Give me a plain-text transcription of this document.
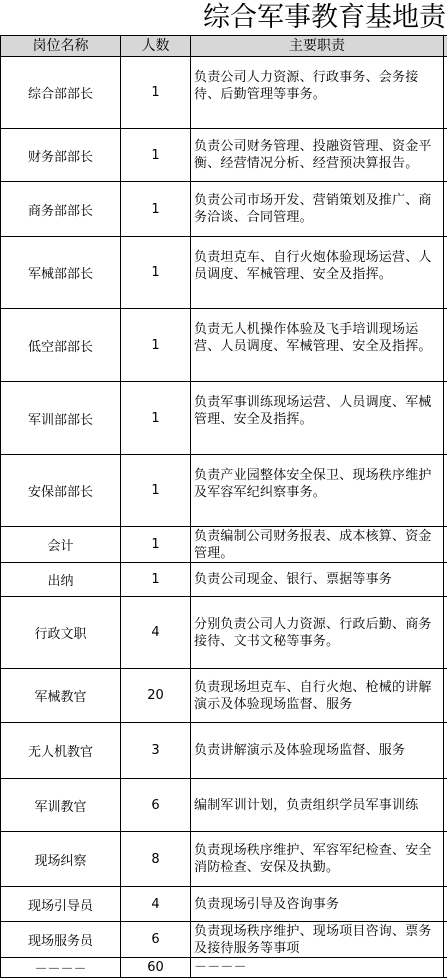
综合军事教育基地责
岗位名称	人数	主要职责	
综合部部长	1	负责公司人力资源、行政事务、会务接待、后勤管理等事务。	
财务部部长	1	负责公司财务管理、投融资管理、资金平衡、经营情况分析、经营预决算报告。	
商务部部长	1	负责公司市场开发、营销策划及推广、商务洽谈、合同管理。	
军械部部长	1	负责坦克车、自行火炮体验现场运营、人员调度、军械管理、安全及指挥。	
低空部部长	1	负责无人机操作体验及飞手培训现场运营、人员调度、军械管理、安全及指挥。	
军训部部长	1	负责军事训练现场运营、人员调度、军械管理、安全及指挥。	
安保部部长	1	负责产业园整体安全保卫、现场秩序维护及军容军纪纠察事务。	
会计	1	负责编制公司财务报表、成本核算、资金管理。	
出纳	1	负责公司现金、银行、票据等事务	
行政文职	4	分别负责公司人力资源、行政后勤、商务接待、文书文秘等事务。	
军械教官	20	负责现场坦克车、自行火炮、枪械的讲解演示及体验现场监督、服务	
无人机教官	3	负责讲解演示及体验现场监督、服务	
军训教官	6	编制军训计划，负责组织学员军事训练	
现场纠察	8	负责现场秩序维护、军容军纪检查、安全消防检查、安保及执勤。	
现场引导员	4	负责现场引导及咨询事务	
现场服务员	6	负责现场秩序维护、现场项目咨询、票务及接待服务等事项	
－－－－	60	－－－－	
